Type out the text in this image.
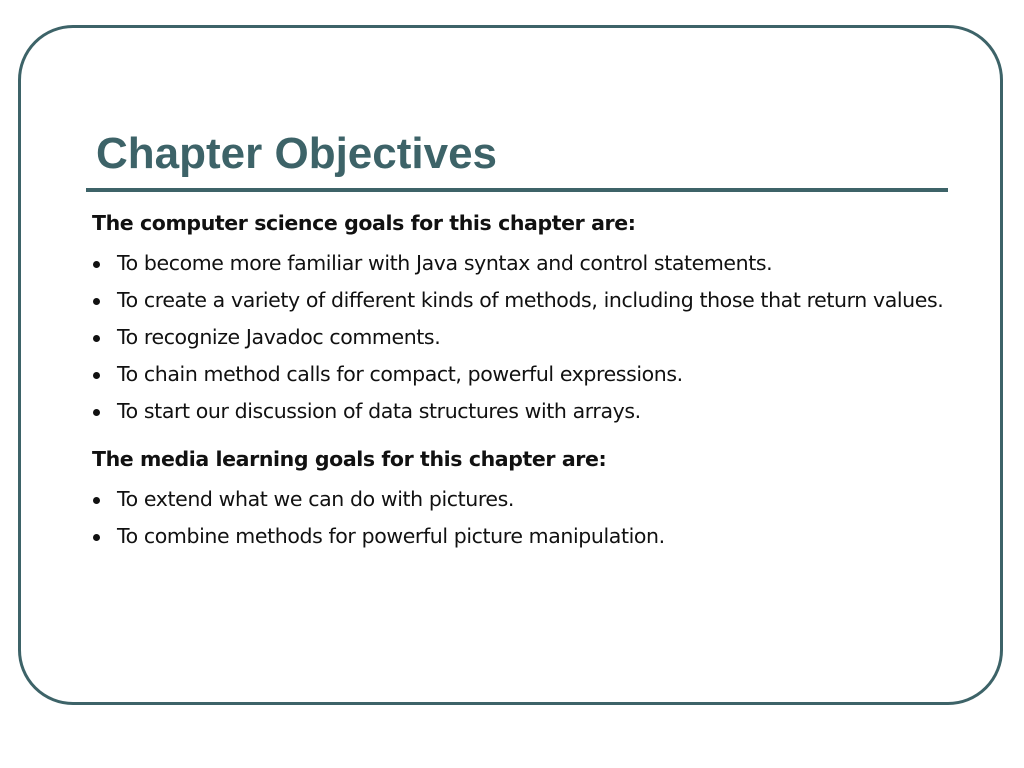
Chapter Objectives

The computer science goals for this chapter are:

To become more familiar with Java syntax and control statements.
To create a variety of different kinds of methods, including those that return values.
To recognize Javadoc comments.
To chain method calls for compact, powerful expressions.
To start our discussion of data structures with arrays.

The media learning goals for this chapter are:

To extend what we can do with pictures.
To combine methods for powerful picture manipulation.
